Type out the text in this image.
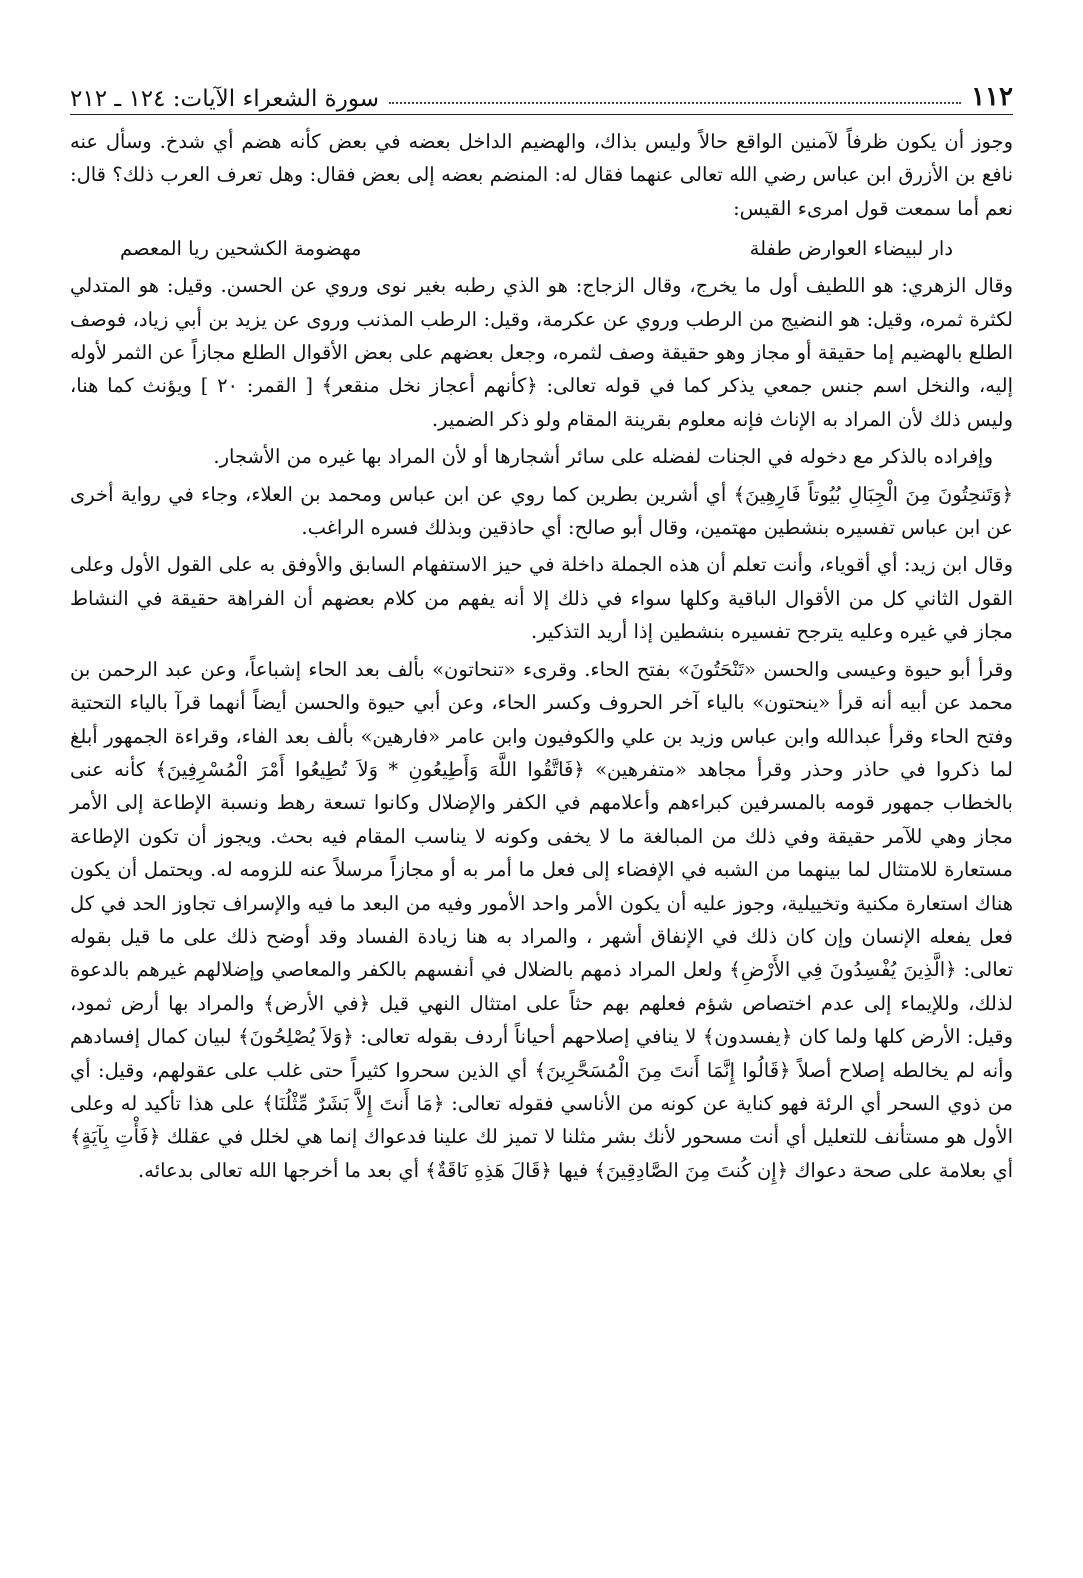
١١٢
سورة الشعراء الآيات: ١٢٤ ـ ٢١٢

وجوز أن يكون ظرفاً لآمنين الواقع حالاً وليس بذاك، والهضيم الداخل بعضه في بعض كأنه هضم أي شدخ. وسأل عنه نافع بن الأزرق ابن عباس رضي الله تعالى عنهما فقال له: المنضم بعضه إلى بعض فقال: وهل تعرف العرب ذلك؟ قال: نعم أما سمعت قول امرىء القيس:

دار لبيضاء العوارض طفلة
مهضومة الكشحين ريا المعصم

وقال الزهري: هو اللطيف أول ما يخرج، وقال الزجاج: هو الذي رطبه بغير نوى وروي عن الحسن. وقيل: هو المتدلي لكثرة ثمره، وقيل: هو النضيج من الرطب وروي عن عكرمة، وقيل: الرطب المذنب وروى عن يزيد بن أبي زياد، فوصف الطلع بالهضيم إما حقيقة أو مجاز وهو حقيقة وصف لثمره، وجعل بعضهم على بعض الأقوال الطلع مجازاً عن الثمر لأوله إليه، والنخل اسم جنس جمعي يذكر كما في قوله تعالى: ﴿كأنهم أعجاز نخل منقعر﴾ [ القمر: ٢٠ ] ويؤنث كما هنا، وليس ذلك لأن المراد به الإناث فإنه معلوم بقرينة المقام ولو ذكر الضمير.

وإفراده بالذكر مع دخوله في الجنات لفضله على سائر أشجارها أو لأن المراد بها غيره من الأشجار.

﴿وَتَنحِتُونَ مِنَ الْجِبَالِ بُيُوتاً فَارِهِينَ﴾ أي أشرين بطرين كما روي عن ابن عباس ومحمد بن العلاء، وجاء في رواية أخرى عن ابن عباس تفسيره بنشطين مهتمين، وقال أبو صالح: أي حاذقين وبذلك فسره الراغب.

وقال ابن زيد: أي أقوياء، وأنت تعلم أن هذه الجملة داخلة في حيز الاستفهام السابق والأوفق به على القول الأول وعلى القول الثاني كل من الأقوال الباقية وكلها سواء في ذلك إلا أنه يفهم من كلام بعضهم أن الفراهة حقيقة في النشاط مجاز في غيره وعليه يترجح تفسيره بنشطين إذا أريد التذكير.

وقرأ أبو حيوة وعيسى والحسن «تَنْحَتُونَ» بفتح الحاء. وقرىء «تنحاتون» بألف بعد الحاء إشباعاً، وعن عبد الرحمن بن محمد عن أبيه أنه قرأ «ينحتون» بالياء آخر الحروف وكسر الحاء، وعن أبي حيوة والحسن أيضاً أنهما قرآ بالياء التحتية وفتح الحاء وقرأ عبدالله وابن عباس وزيد بن علي والكوفيون وابن عامر «فارهين» بألف بعد الفاء، وقراءة الجمهور أبلغ لما ذكروا في حاذر وحذر وقرأ مجاهد «متفرهين» ﴿فَاتَّقُوا اللَّهَ وَأَطِيعُونِ * وَلاَ تُطِيعُوا أَمْرَ الْمُسْرِفِينَ﴾ كأنه عنى بالخطاب جمهور قومه بالمسرفين كبراءهم وأعلامهم في الكفر والإضلال وكانوا تسعة رهط ونسبة الإطاعة إلى الأمر مجاز وهي للآمر حقيقة وفي ذلك من المبالغة ما لا يخفى وكونه لا يناسب المقام فيه بحث. ويجوز أن تكون الإطاعة مستعارة للامتثال لما بينهما من الشبه في الإفضاء إلى فعل ما أمر به أو مجازاً مرسلاً عنه للزومه له. ويحتمل أن يكون هناك استعارة مكنية وتخييلية، وجوز عليه أن يكون الأمر واحد الأمور وفيه من البعد ما فيه والإسراف تجاوز الحد في كل فعل يفعله الإنسان وإن كان ذلك في الإنفاق أشهر ، والمراد به هنا زيادة الفساد وقد أوضح ذلك على ما قيل بقوله تعالى: ﴿الَّذِينَ يُفْسِدُونَ فِي الأَرْضِ﴾ ولعل المراد ذمهم بالضلال في أنفسهم بالكفر والمعاصي وإضلالهم غيرهم بالدعوة لذلك، وللإيماء إلى عدم اختصاص شؤم فعلهم بهم حثاً على امتثال النهي قيل ﴿في الأرض﴾ والمراد بها أرض ثمود، وقيل: الأرض كلها ولما كان ﴿يفسدون﴾ لا ينافي إصلاحهم أحياناً أردف بقوله تعالى: ﴿وَلاَ يُصْلِحُونَ﴾ لبيان كمال إفسادهم وأنه لم يخالطه إصلاح أصلاً ﴿قَالُوا إِنَّمَا أَنتَ مِنَ الْمُسَحَّرِينَ﴾ أي الذين سحروا كثيراً حتى غلب على عقولهم، وقيل: أي من ذوي السحر أي الرئة فهو كناية عن كونه من الأناسي فقوله تعالى: ﴿مَا أَنتَ إِلاَّ بَشَرٌ مِّثْلُنَا﴾ على هذا تأكيد له وعلى الأول هو مستأنف للتعليل أي أنت مسحور لأنك بشر مثلنا لا تميز لك علينا فدعواك إنما هي لخلل في عقلك ﴿فَأْتِ بِآيَةٍ﴾ أي بعلامة على صحة دعواك ﴿إِن كُنتَ مِنَ الصَّادِقِينَ﴾ فيها ﴿قَالَ هَذِهِ نَاقَةٌ﴾ أي بعد ما أخرجها الله تعالى بدعائه.
